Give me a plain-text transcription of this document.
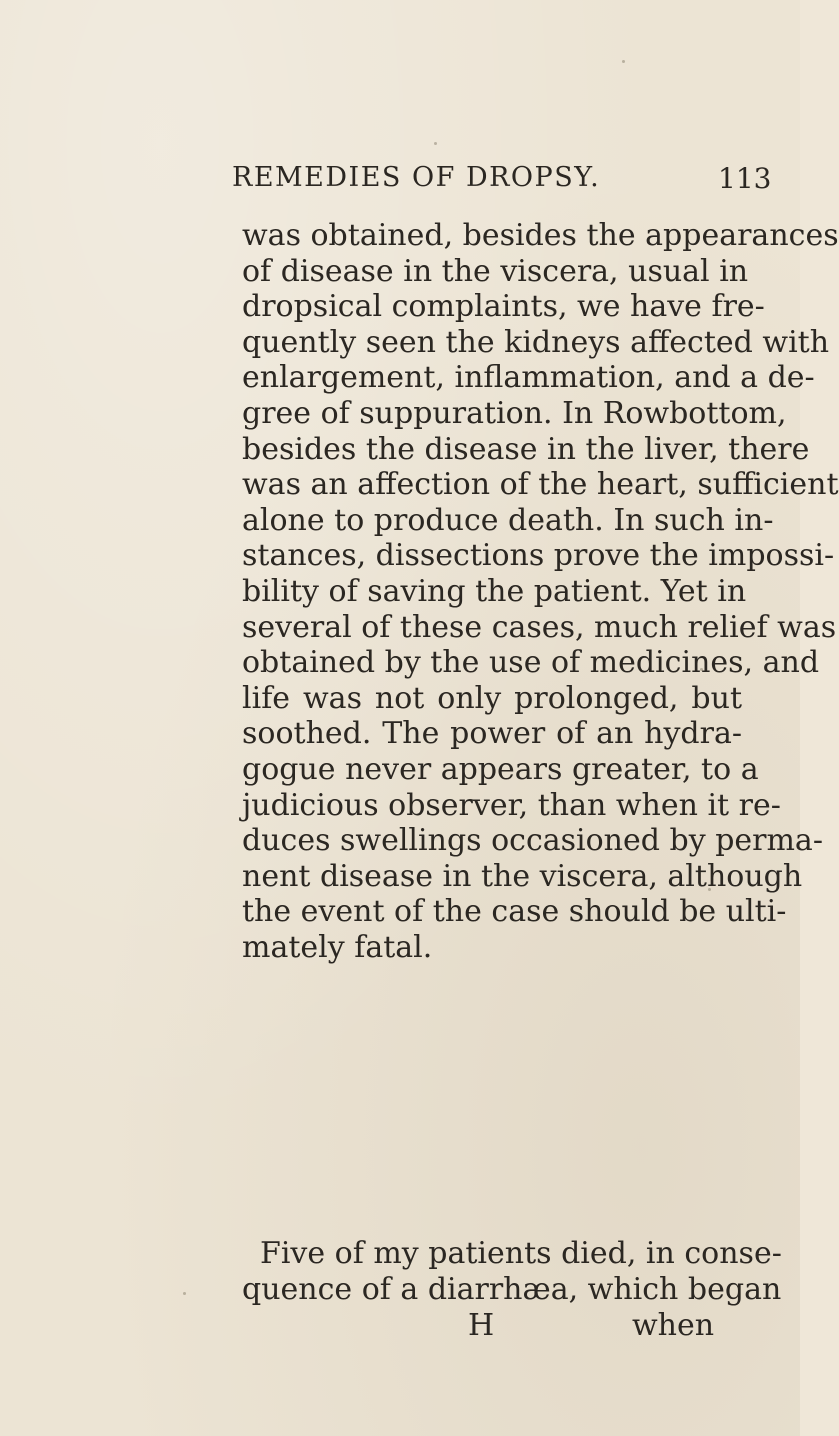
REMEDIES OF DROPSY.	113
was obtained, besides the appearances
of disease in the viscera, usual in
dropsical complaints, we have fre-
quently seen the kidneys affected with
enlargement, inflammation, and a de-
gree of suppuration. In Rowbottom,
besides the disease in the liver, there
was an affection of the heart, sufficient
alone to produce death. In such in-
stances, dissections prove the impossi-
bility of saving the patient. Yet in
several of these cases, much relief was
obtained by the use of medicines, and
life was not only prolonged, but
soothed. The power of an hydra-
gogue never appears greater, to a
judicious observer, than when it re-
duces swellings occasioned by perma-
nent disease in the viscera, although
the event of the case should be ulti-
mately fatal.
Five of my patients died, in conse-
quence of a diarrhæa, which began
H	when
